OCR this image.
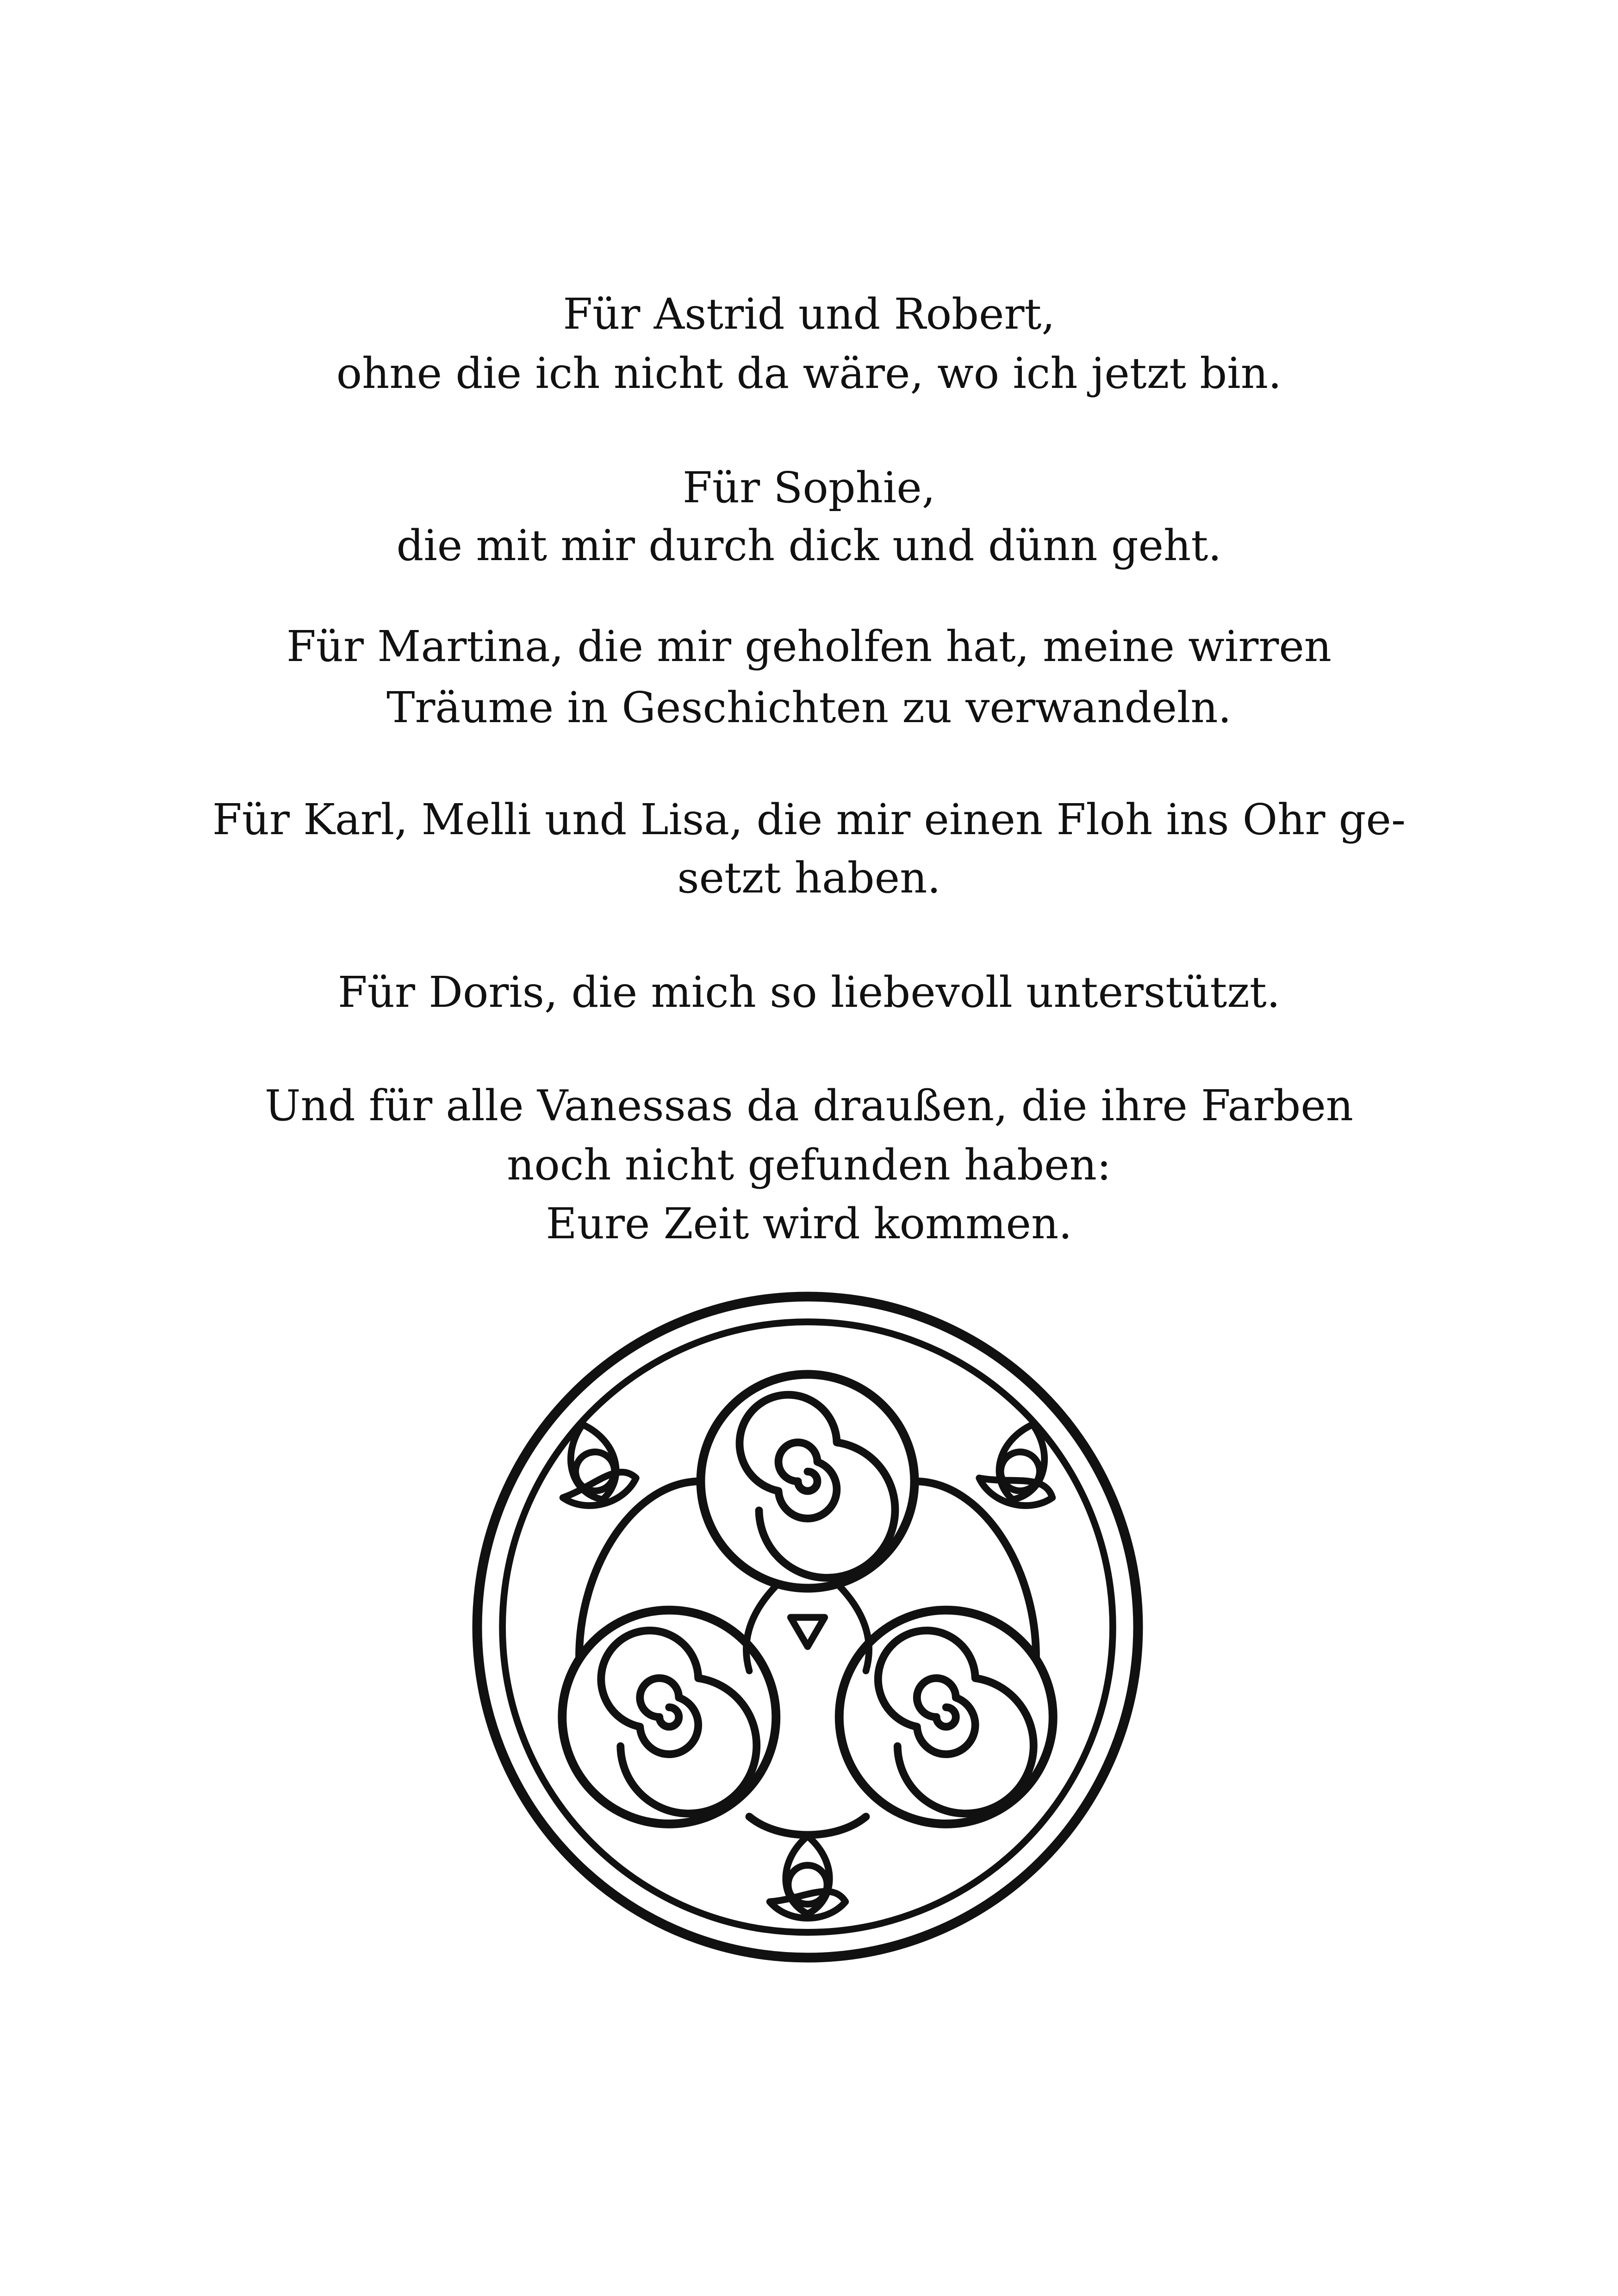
Für Astrid und Robert,
ohne die ich nicht da wäre, wo ich jetzt bin.
Für Sophie,
die mit mir durch dick und dünn geht.
Für Martina, die mir geholfen hat, meine wirren
Träume in Geschichten zu verwandeln.
Für Karl, Melli und Lisa, die mir einen Floh ins Ohr ge-
setzt haben.
Für Doris, die mich so liebevoll unterstützt.
Und für alle Vanessas da draußen, die ihre Farben
noch nicht gefunden haben:
Eure Zeit wird kommen.
